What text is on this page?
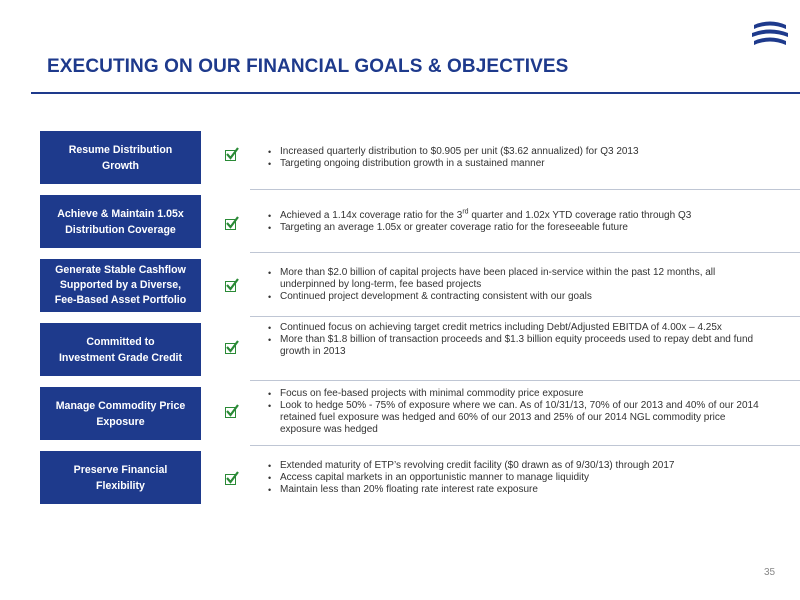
EXECUTING ON OUR FINANCIAL GOALS & OBJECTIVES
Resume Distribution
Growth
• Increased quarterly distribution to $0.905 per unit ($3.62 annualized) for Q3 2013
• Targeting ongoing distribution growth in a sustained manner
Achieve & Maintain 1.05x
Distribution Coverage
• Achieved a 1.14x coverage ratio for the 3rd quarter and 1.02x YTD coverage ratio through Q3
• Targeting an average 1.05x or greater coverage ratio for the foreseeable future
Generate Stable Cashflow
Supported by a Diverse,
Fee-Based Asset Portfolio
• More than $2.0 billion of capital projects have been placed in-service within the past 12 months, all underpinned by long-term, fee based projects
• Continued project development & contracting consistent with our goals
Committed to
Investment Grade Credit
• Continued focus on achieving target credit metrics including Debt/Adjusted EBITDA of 4.00x – 4.25x
• More than $1.8 billion of transaction proceeds and $1.3 billion equity proceeds used to repay debt and fund growth in 2013
Manage Commodity Price
Exposure
• Focus on fee-based projects with minimal commodity price exposure
• Look to hedge 50% - 75% of exposure where we can. As of 10/31/13, 70% of our 2013 and 40% of our 2014 retained fuel exposure was hedged and 60% of our 2013 and 25% of our 2014 NGL commodity price exposure was hedged
Preserve Financial
Flexibility
• Extended maturity of ETP’s revolving credit facility ($0 drawn as of 9/30/13) through 2017
• Access capital markets in an opportunistic manner to manage liquidity
• Maintain less than 20% floating rate interest rate exposure
35
